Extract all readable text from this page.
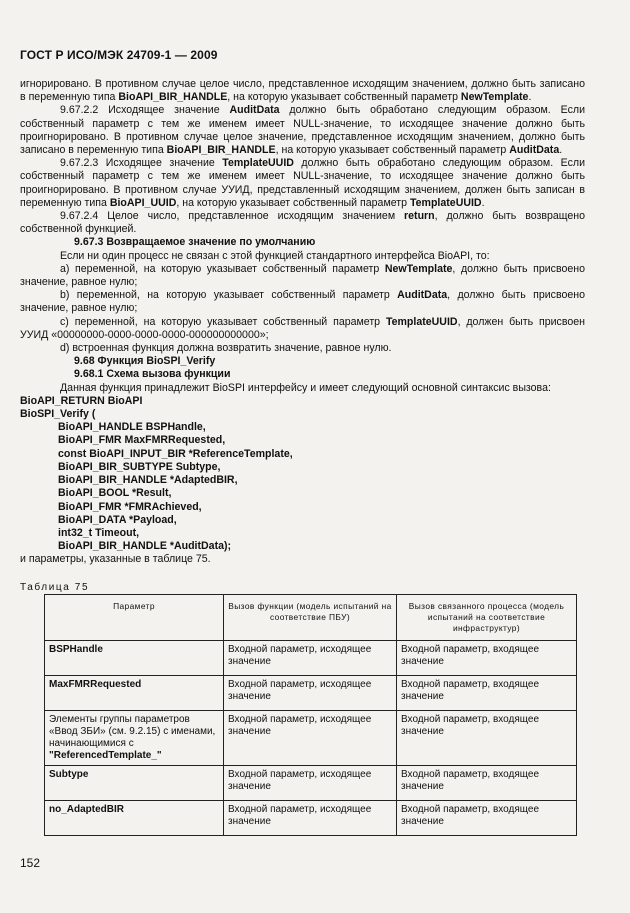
ГОСТ Р ИСО/МЭК 24709-1 — 2009

игнорировано. В противном случае целое число, представленное исходящим значением, должно быть записано в переменную типа BioAPI_BIR_HANDLE, на которую указывает собственный параметр NewTemplate.

9.67.2.2 Исходящее значение AuditData должно быть обработано следующим образом. Если собственный параметр с тем же именем имеет NULL-значение, то исходящее значение должно быть проигнорировано. В противном случае целое значение, представленное исходящим значением, должно быть записано в переменную типа BioAPI_BIR_HANDLE, на которую указывает собственный параметр AuditData.

9.67.2.3 Исходящее значение TemplateUUID должно быть обработано следующим образом. Если собственный параметр с тем же именем имеет NULL-значение, то исходящее значение должно быть проигнорировано. В противном случае УУИД, представленный исходящим значением, должен быть записан в переменную типа BioAPI_UUID, на которую указывает собственный параметр TemplateUUID.

9.67.2.4 Целое число, представленное исходящим значением return, должно быть возвращено собственной функцией.

9.67.3 Возвращаемое значение по умолчанию

Если ни один процесс не связан с этой функцией стандартного интерфейса BioAPI, то:

а) переменной, на которую указывает собственный параметр NewTemplate, должно быть присвоено значение, равное нулю;

b) переменной, на которую указывает собственный параметр AuditData, должно быть присвоено значение, равное нулю;

c) переменной, на которую указывает собственный параметр TemplateUUID, должен быть присвоен УУИД «00000000-0000-0000-0000-000000000000»;

d) встроенная функция должна возвратить значение, равное нулю.

9.68 Функция BioSPI_Verify

9.68.1 Схема вызова функции

Данная функция принадлежит BioSPI интерфейсу и имеет следующий основной синтаксис вызова:

BioAPI_RETURN BioAPI

BioSPI_Verify (

BioAPI_HANDLE BSPHandle,

BioAPI_FMR MaxFMRRequested,

const BioAPI_INPUT_BIR *ReferenceTemplate,

BioAPI_BIR_SUBTYPE Subtype,

BioAPI_BIR_HANDLE *AdaptedBIR,

BioAPI_BOOL *Result,

BioAPI_FMR *FMRAchieved,

BioAPI_DATA *Payload,

int32_t Timeout,

BioAPI_BIR_HANDLE *AuditData);

и параметры, указанные в таблице 75.

Таблица 75
Параметр	Вызов функции (модель испытаний на соответствие ПБУ)	Вызов связанного процесса (модель испытаний на соответствие инфраструктур)
BSPHandle	Входной параметр, исходящее значение	Входной параметр, входящее значение
MaxFMRRequested	Входной параметр, исходящее значение	Входной параметр, входящее значение
Элементы группы параметров «Ввод ЗБИ» (см. 9.2.15) с именами, начинающимися с "ReferencedTemplate_"	Входной параметр, исходящее значение	Входной параметр, входящее значение
Subtype	Входной параметр, исходящее значение	Входной параметр, входящее значение
no_AdaptedBIR	Входной параметр, исходящее значение	Входной параметр, входящее значение
152
